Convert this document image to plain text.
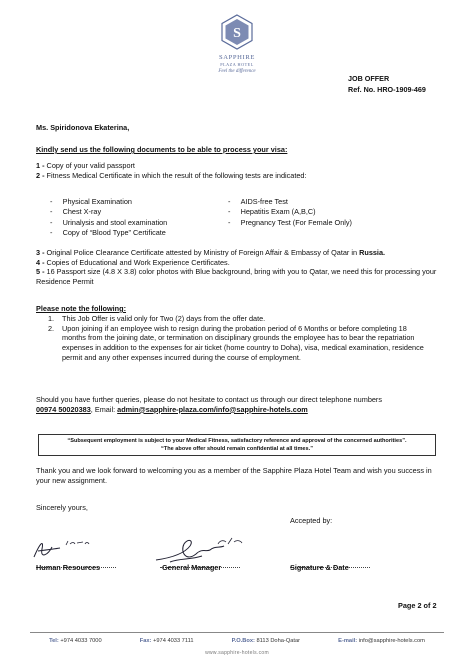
S
SAPPHIRE
PLAZA HOTEL
Feel the difference
JOB OFFER
Ref. No. HRO-1909-469
Ms. Spiridonova Ekaterina,
Kindly send us the following documents to be able to process your visa:
1 - Copy of your valid passport
2 - Fitness Medical Certificate in which the result of the following tests are indicated:
-     Physical Examination
-     Chest X-ray
-     Urinalysis and stool examination
-     Copy of “Blood Type” Certificate
-     AIDS-free Test
-     Hepatitis Exam (A,B,C)
-     Pregnancy Test (For Female Only)
3 - Original Police Clearance Certificate attested by Ministry of Foreign Affair & Embassy of Qatar in Russia.
4 - Copies of Educational and Work Experience Certificates.
5 - 16 Passport size (4.8 X 3.8) color photos with Blue background, bring with you to Qatar, we need this for processing your Residence Permit
Please note the following:
1. This Job Offer is valid only for Two (2) days from the offer date.
2. Upon joining if an employee wish to resign during the probation period of 6 Months or before completing 18 months from the joining date, or termination on disciplinary grounds the employee has to bear the repatriation expenses in addition to the expenses for air ticket (home country to Doha), visa, medical examination, residence permit and any other expenses incurred during the course of employment.
Should you have further queries, please do not hesitate to contact us through our direct telephone numbers
00974 50020383, Email: admin@sapphire-plaza.com/info@sapphire-hotels.com
“Subsequent employment is subject to your Medical Fitness, satisfactory reference and approval of the concerned authorities”.
“The above offer should remain confidential at all times.”
Thank you and we look forward to welcoming you as a member of the Sapphire Plaza Hotel Team and wish you success in your new assignment.
Sincerely yours,
Accepted by:
Human Resources	General Manager	Signature & Date
Page 2 of 2
Tel: +974 4033 7000	Fax: +974 4033 7111	P.O.Box: 8113 Doha-Qatar	E-mail: info@sapphire-hotels.com
www.sapphire-hotels.com
